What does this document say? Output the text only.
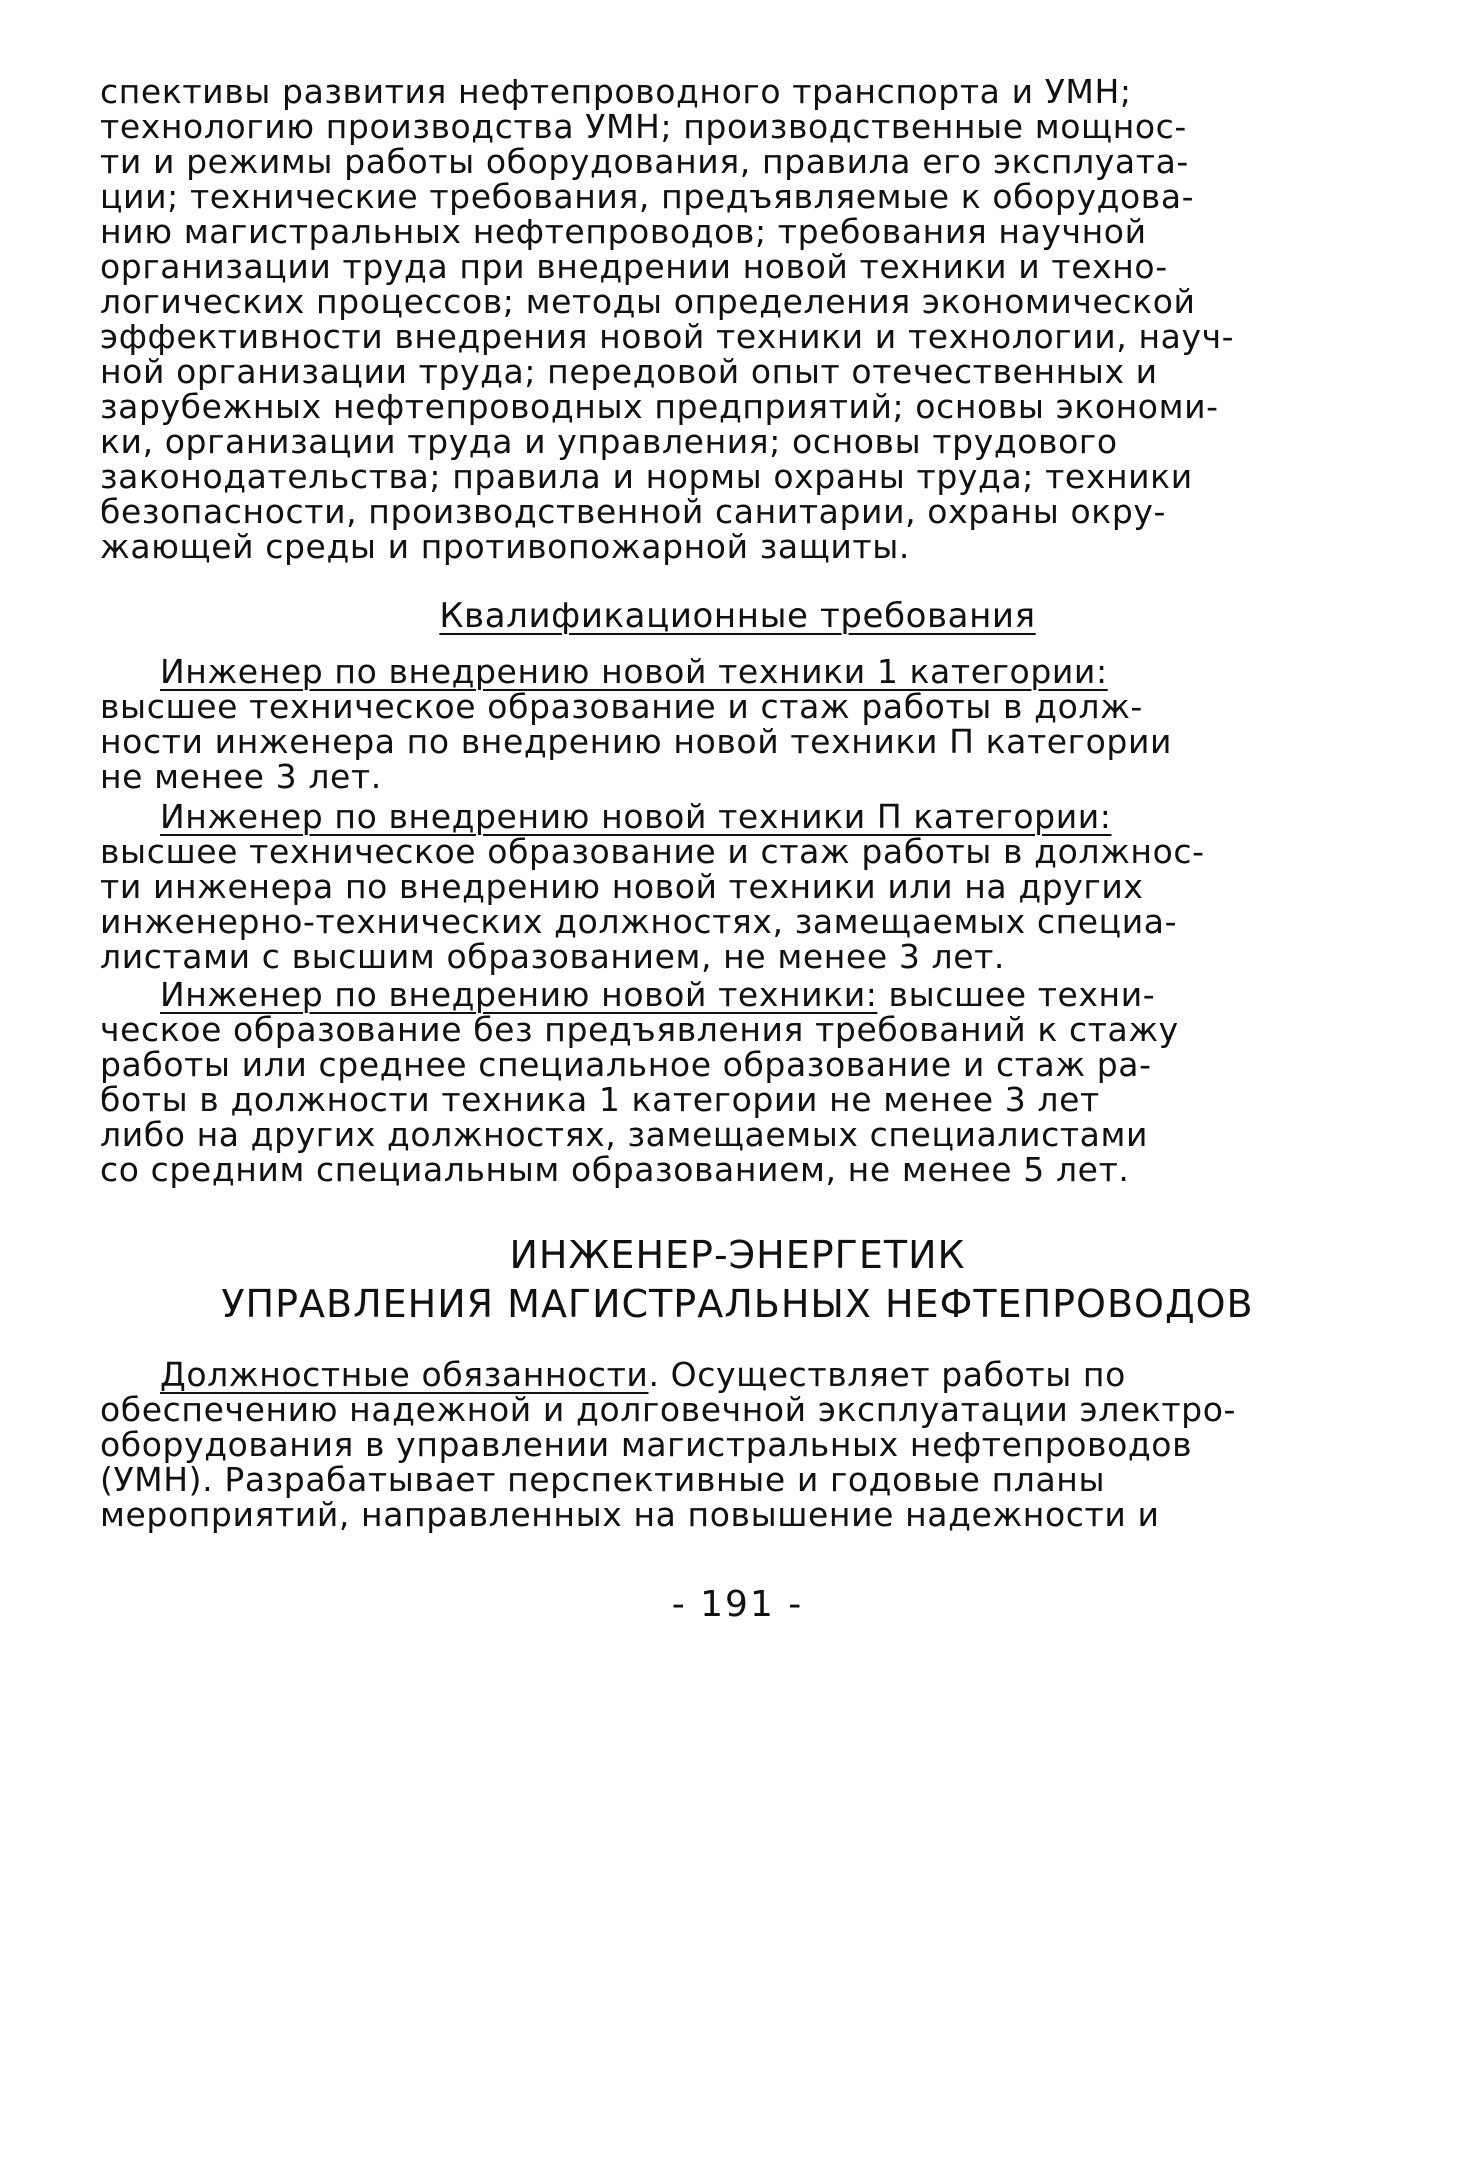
спективы развития нефтепроводного транспорта и УМН;
технологию производства УМН; производственные мощнос-
ти и режимы работы оборудования, правила его эксплуата-
ции; технические требования, предъявляемые к оборудова-
нию магистральных нефтепроводов; требования научной
организации труда при внедрении новой техники и техно-
логических процессов; методы определения экономической
эффективности внедрения новой техники и технологии, науч-
ной организации труда; передовой опыт отечественных и
зарубежных нефтепроводных предприятий; основы экономи-
ки, организации труда и управления; основы трудового
законодательства; правила и нормы охраны труда; техники
безопасности, производственной санитарии, охраны окру-
жающей среды и противопожарной защиты.
Квалификационные требования
Инженер по внедрению новой техники 1 категории:
высшее техническое образование и стаж работы в долж-
ности инженера по внедрению новой техники П категории
не менее 3 лет.
Инженер по внедрению новой техники П категории:
высшее техническое образование и стаж работы в должнос-
ти инженера по внедрению новой техники или на других
инженерно-технических должностях, замещаемых специа-
листами с высшим образованием, не менее 3 лет.
Инженер по внедрению новой техники: высшее техни-
ческое образование без предъявления требований к стажу
работы или среднее специальное образование и стаж ра-
боты в должности техника 1 категории не менее 3 лет
либо на других должностях, замещаемых специалистами
со средним специальным образованием, не менее 5 лет.
ИНЖЕНЕР-ЭНЕРГЕТИК
УПРАВЛЕНИЯ МАГИСТРАЛЬНЫХ НЕФТЕПРОВОДОВ
Должностные обязанности. Осуществляет работы по
обеспечению надежной и долговечной эксплуатации электро-
оборудования в управлении магистральных нефтепроводов
(УМН). Разрабатывает перспективные и годовые планы
мероприятий, направленных на повышение надежности и
- 191 -
